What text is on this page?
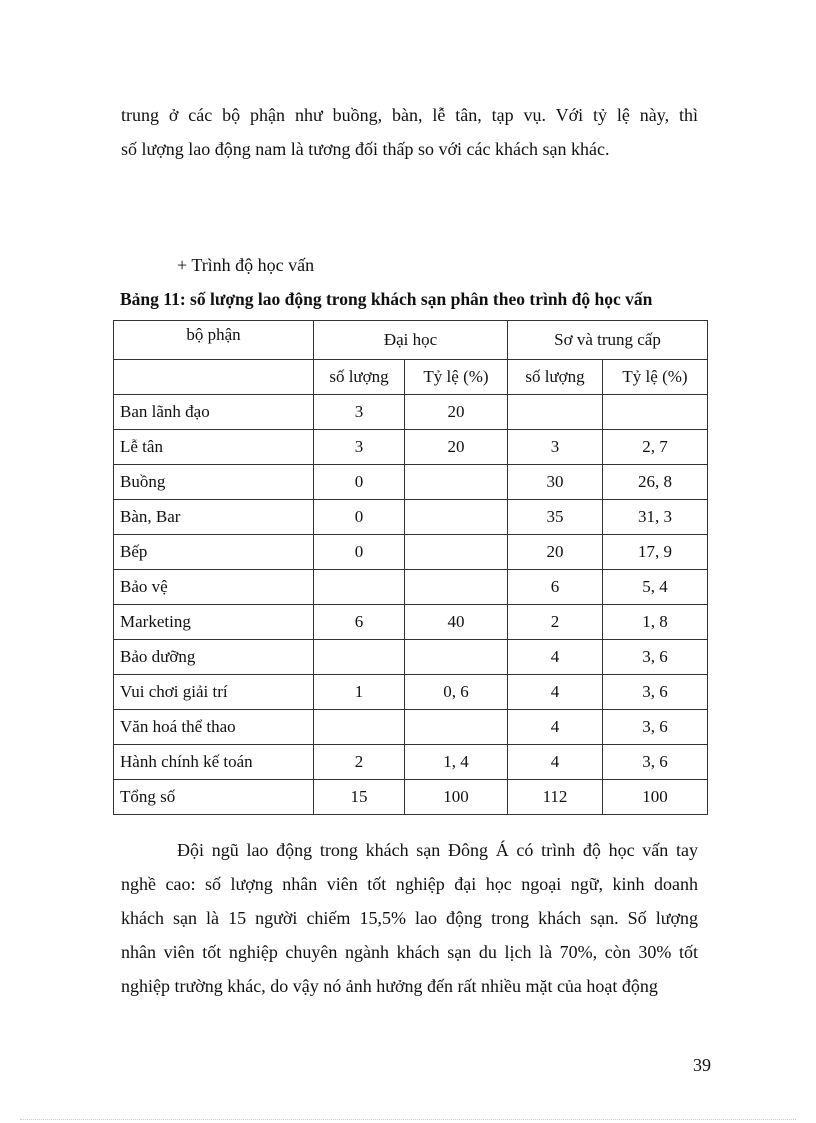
trung ở các bộ phận như buồng, bàn, lễ tân, tạp vụ. Với tỷ lệ này, thì
số lượng lao động nam là tương đối thấp so với các khách sạn khác.

+ Trình độ học vấn

Bảng 11: số lượng lao động trong khách sạn phân theo trình độ học vấn

bộ phận	Đại học		Sơ và trung cấp	
	số lượng	Tỷ lệ (%)	số lượng	Tỷ lệ (%)
Ban lãnh đạo	3	20		
Lễ tân	3	20	3	2, 7
Buồng	0		30	26, 8
Bàn, Bar	0		35	31, 3
Bếp	0		20	17, 9
Bảo vệ			6	5, 4
Marketing	6	40	2	1, 8
Bảo dưỡng			4	3, 6
Vui chơi giải trí	1	0, 6	4	3, 6
Văn hoá thể thao			4	3, 6
Hành chính kế toán	2	1, 4	4	3, 6
Tổng số	15	100	112	100

Đội ngũ lao động trong khách sạn Đông Á có trình độ học vấn tay
nghề cao: số lượng nhân viên tốt nghiệp đại học ngoại ngữ, kinh doanh
khách sạn là 15 người chiếm 15,5% lao động trong khách sạn. Số lượng
nhân viên tốt nghiệp chuyên ngành khách sạn du lịch là 70%, còn 30% tốt
nghiệp trường khác, do vậy nó ảnh hưởng đến rất nhiều mặt của hoạt động

39
